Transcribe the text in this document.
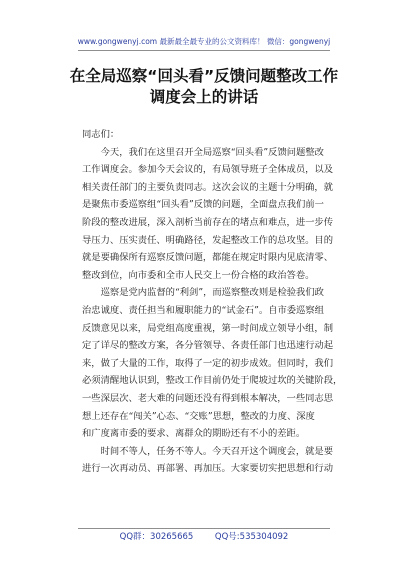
www.gongwenyj.com 最新最全最专业的公文资料库！ 微信：gongwenyj
在全局巡察“回头看”反馈问题整改工作
调度会上的讲话
同志们：
　　今天，我们在这里召开全局巡察“回头看”反馈问题整改
工作调度会。参加今天会议的，有局领导班子全体成员，以及
相关责任部门的主要负责同志。这次会议的主题十分明确，就
是聚焦市委巡察组“回头看”反馈的问题，全面盘点我们前一
阶段的整改进展，深入剖析当前存在的堵点和难点，进一步传
导压力、压实责任、明确路径，发起整改工作的总攻坚。目的
就是要确保所有巡察反馈问题，都能在规定时限内见底清零、
整改到位，向市委和全市人民交上一份合格的政治答卷。
　　巡察是党内监督的“利剑”，而巡察整改则是检验我们政
治忠诚度、责任担当和履职能力的“试金石”。自市委巡察组
反馈意见以来，局党组高度重视，第一时间成立领导小组，制
定了详尽的整改方案，各分管领导、各责任部门也迅速行动起
来，做了大量的工作，取得了一定的初步成效。但同时，我们
必须清醒地认识到，整改工作目前仍处于爬坡过坎的关键阶段，
一些深层次、老大难的问题还没有得到根本解决，一些同志思
想上还存在“闯关”心态、“交账”思想，整改的力度、深度
和广度离市委的要求、离群众的期盼还有不小的差距。
　　时间不等人，任务不等人。今天召开这个调度会，就是要
进行一次再动员、再部署、再加压。大家要切实把思想和行动
QQ群：30265665        QQ号:535304092
